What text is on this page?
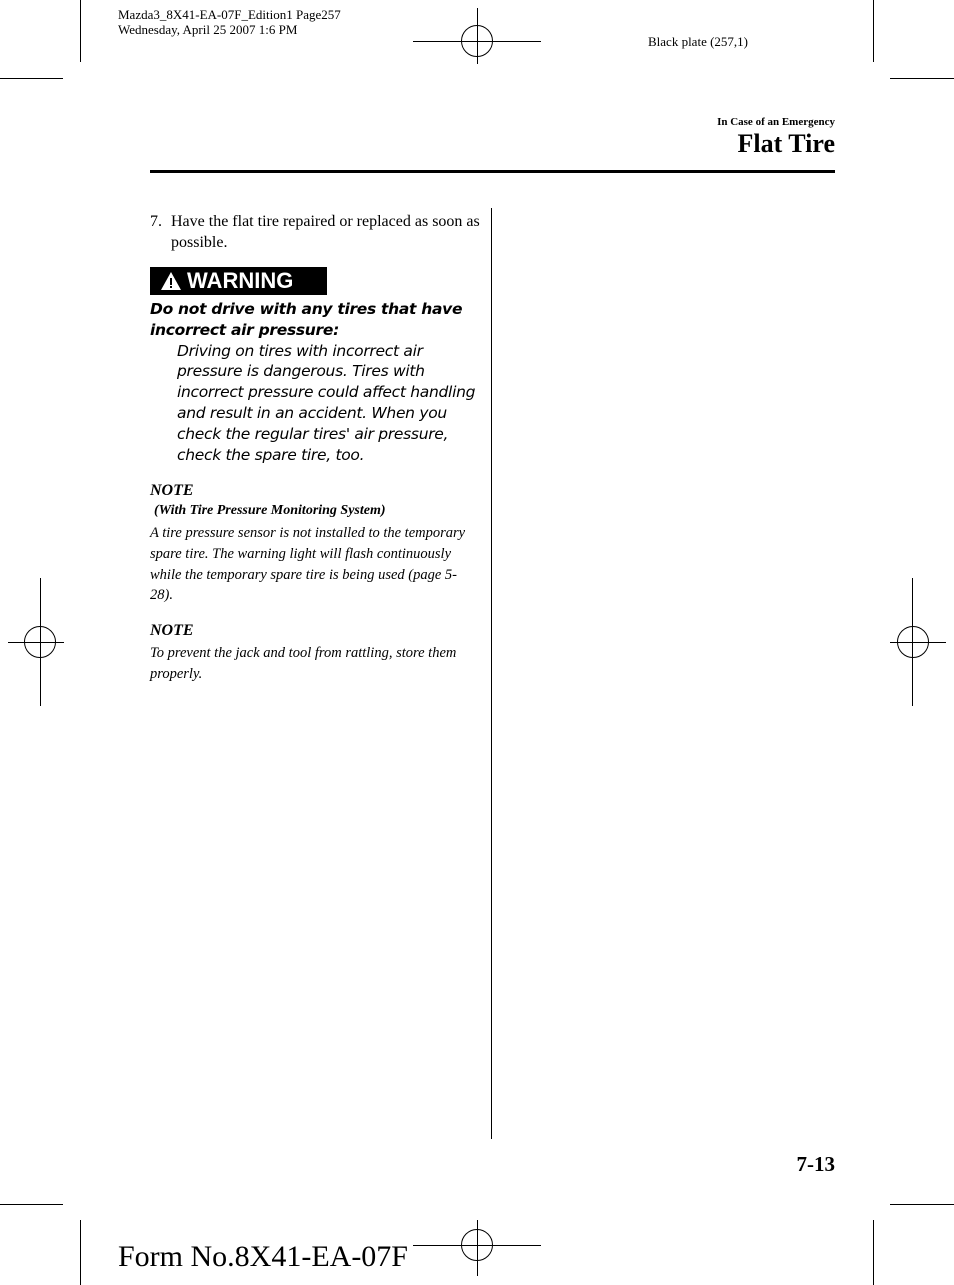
Mazda3_8X41-EA-07F_Edition1 Page257
Wednesday, April 25 2007 1:6 PM
Black plate (257,1)
In Case of an Emergency
Flat Tire
7. Have the flat tire repaired or replaced as soon as possible.
WARNING
Do not drive with any tires that have incorrect air pressure:
Driving on tires with incorrect air pressure is dangerous. Tires with incorrect pressure could affect handling and result in an accident. When you check the regular tires' air pressure, check the spare tire, too.
NOTE
(With Tire Pressure Monitoring System)
A tire pressure sensor is not installed to the temporary spare tire. The warning light will flash continuously while the temporary spare tire is being used (page 5-28).
NOTE
To prevent the jack and tool from rattling, store them properly.
7-13
Form No.8X41-EA-07F
